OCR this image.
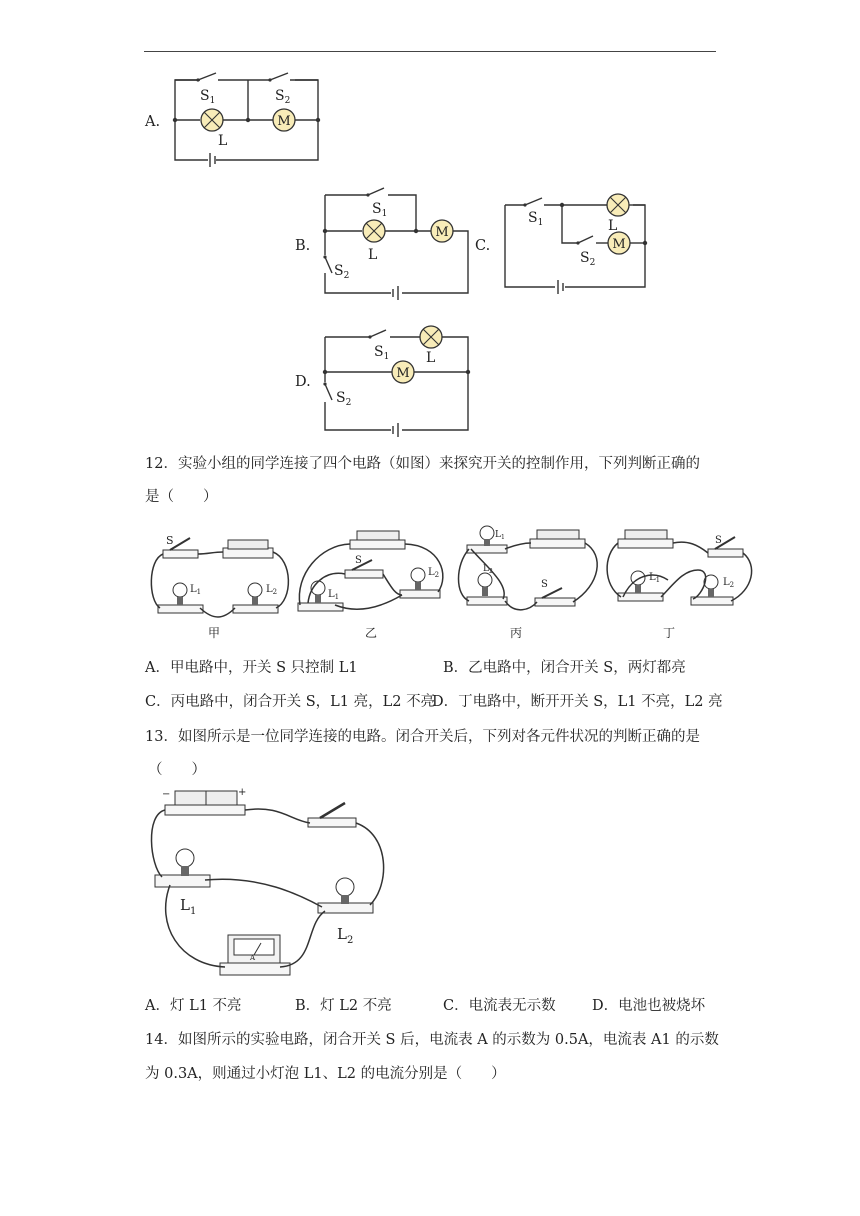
A.	M
$S_1$	$S_2$
L
B.
M
$S_1$
L
$S_2$
C.	M
$S_1$	L
$S_2$
D.
M
$S_1$	L
$S_2$
12．实验小组的同学连接了四个电路（如图）来探究开关的控制作用，下列判断正确的
是（　　）
S
$L_1$	$L_2$
甲
S
$L_1$
$L_2$
乙
$L_1$
$L_2$
S
丙
S
$L_1$	$L_2$
丁
A．甲电路中，开关 S 只控制 L1	B．乙电路中，闭合开关 S，两灯都亮
C．丙电路中，闭合开关 S，L1 亮，L2 不亮
D．丁电路中，断开开关 S，L1 不亮，L2 亮
13．如图所示是一位同学连接的电路。闭合开关后，下列对各元件状况的判断正确的是
（　　）
−	+
$L_1$
$L_2$
A
A．灯 L1 不亮	B．灯 L2 不亮	C．电流表无示数	D．电池也被烧坏
14．如图所示的实验电路，闭合开关 S 后，电流表 A 的示数为 0.5A，电流表 A1 的示数
为 0.3A，则通过小灯泡 L1、L2 的电流分别是（　　）
